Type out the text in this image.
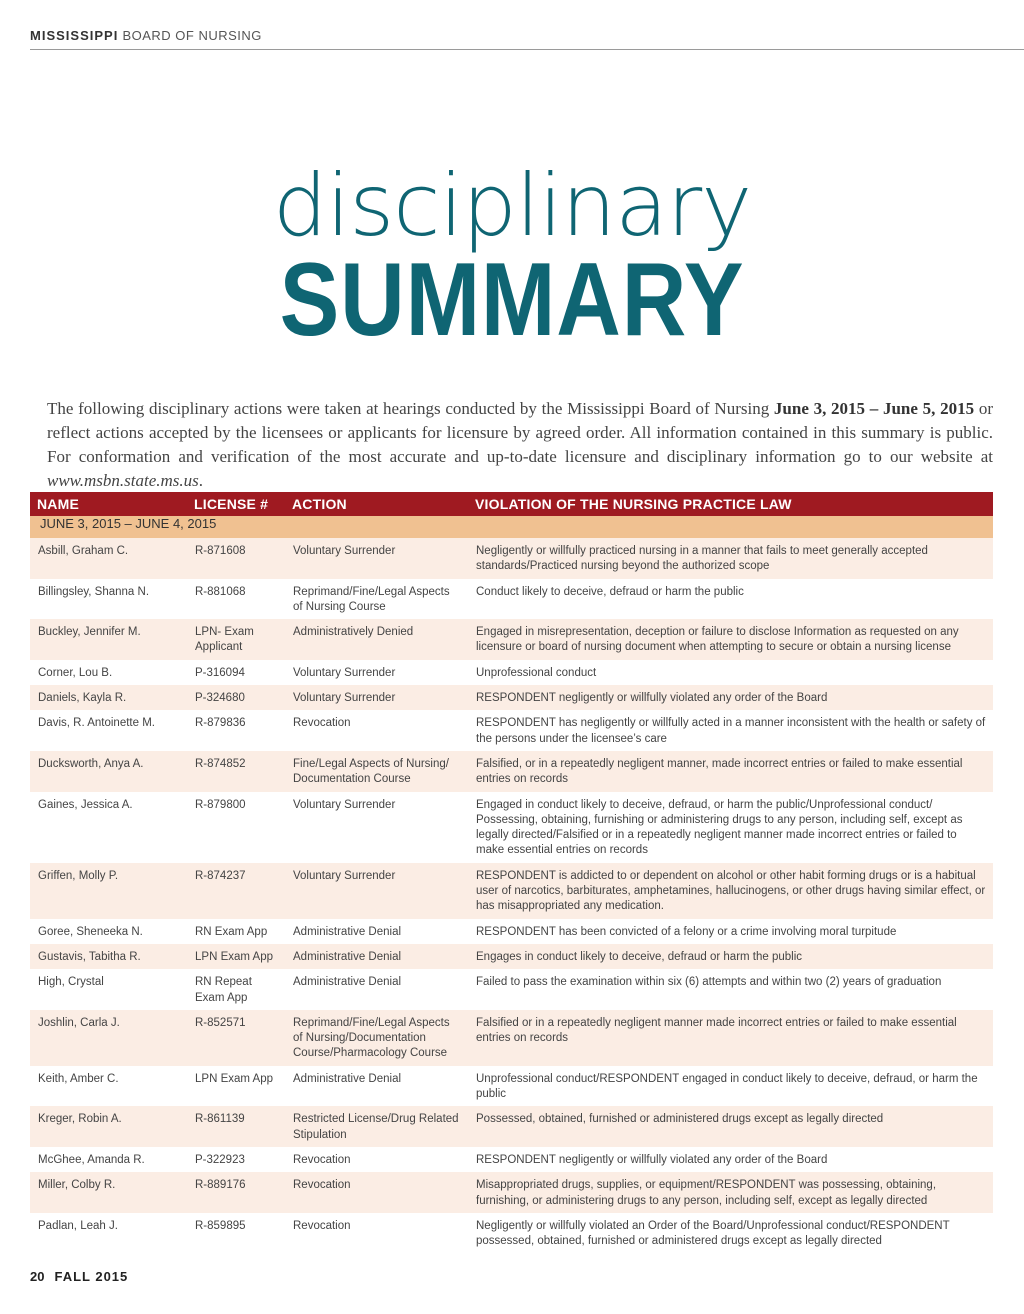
MISSISSIPPI BOARD OF NURSING
disciplinary
SUMMARY

The following disciplinary actions were taken at hearings conducted by the Mississippi Board of Nursing June 3, 2015 – June 5, 2015 or reflect actions accepted by the licensees or applicants for licensure by agreed order. All information contained in this summary is public. For conformation and verification of the most accurate and up-to-date licensure and disciplinary information go to our website at www.msbn.state.ms.us.

NAME	LICENSE #	ACTION	VIOLATION OF THE NURSING PRACTICE LAW
JUNE 3, 2015 – JUNE 4, 2015			
Asbill, Graham C.	R-871608	Voluntary Surrender	Negligently or willfully practiced nursing in a manner that fails to meet generally accepted standards/Practiced nursing beyond the authorized scope
Billingsley, Shanna N.	R-881068	Reprimand/Fine/Legal Aspects of Nursing Course	Conduct likely to deceive, defraud or harm the public
Buckley, Jennifer M.	LPN- Exam Applicant	Administratively Denied	Engaged in misrepresentation, deception or failure to disclose Information as requested on any licensure or board of nursing document when attempting to secure or obtain a nursing license
Corner, Lou B.	P-316094	Voluntary Surrender	Unprofessional conduct
Daniels, Kayla R.	P-324680	Voluntary Surrender	RESPONDENT negligently or willfully violated any order of the Board
Davis, R. Antoinette M.	R-879836	Revocation	RESPONDENT has negligently or willfully acted in a manner inconsistent with the health or safety of the persons under the licensee’s care
Ducksworth, Anya A.	R-874852	Fine/Legal Aspects of Nursing/ Documentation Course	Falsified, or in a repeatedly negligent manner, made incorrect entries or failed to make essential entries on records
Gaines, Jessica A.	R-879800	Voluntary Surrender	Engaged in conduct likely to deceive, defraud, or harm the public/Unprofessional conduct/ Possessing, obtaining, furnishing or administering drugs to any person, including self, except as legally directed/Falsified or in a repeatedly negligent manner made incorrect entries or failed to make essential entries on records
Griffen, Molly P.	R-874237	Voluntary Surrender	RESPONDENT is addicted to or dependent on alcohol or other habit forming drugs or is a habitual user of narcotics, barbiturates, amphetamines, hallucinogens, or other drugs having similar effect, or has misappropriated any medication.
Goree, Sheneeka N.	RN Exam App	Administrative Denial	RESPONDENT has been convicted of a felony or a crime involving moral turpitude
Gustavis, Tabitha R.	LPN Exam App	Administrative Denial	Engages in conduct likely to deceive, defraud or harm the public
High, Crystal	RN Repeat Exam App	Administrative Denial	Failed to pass the examination within six (6) attempts and within two (2) years of graduation
Joshlin, Carla J.	R-852571	Reprimand/Fine/Legal Aspects of Nursing/Documentation Course/Pharmacology Course	Falsified or in a repeatedly negligent manner made incorrect entries or failed to make essential entries on records
Keith, Amber C.	LPN Exam App	Administrative Denial	Unprofessional conduct/RESPONDENT engaged in conduct likely to deceive, defraud, or harm the public
Kreger, Robin A.	R-861139	Restricted License/Drug Related Stipulation	Possessed, obtained, furnished or administered drugs except as legally directed
McGhee, Amanda R.	P-322923	Revocation	RESPONDENT negligently or willfully violated any order of the Board
Miller, Colby R.	R-889176	Revocation	Misappropriated drugs, supplies, or equipment/RESPONDENT was possessing, obtaining, furnishing, or administering drugs to any person, including self, except as legally directed
Padlan, Leah J.	R-859895	Revocation	Negligently or willfully violated an Order of the Board/Unprofessional conduct/RESPONDENT possessed, obtained, furnished or administered drugs except as legally directed
20 FALL 2015
